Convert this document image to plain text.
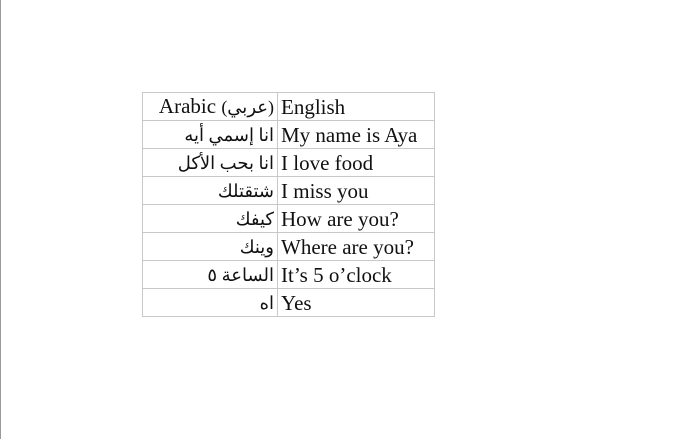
Arabic (عربي)	English
انا إسمي أيه	My name is Aya
انا بحب الأكل	I love food
شتقتلك	I miss you
كيفك	How are you?
وينك	Where are you?
الساعة ٥	It’s 5 o’clock
اه	Yes
